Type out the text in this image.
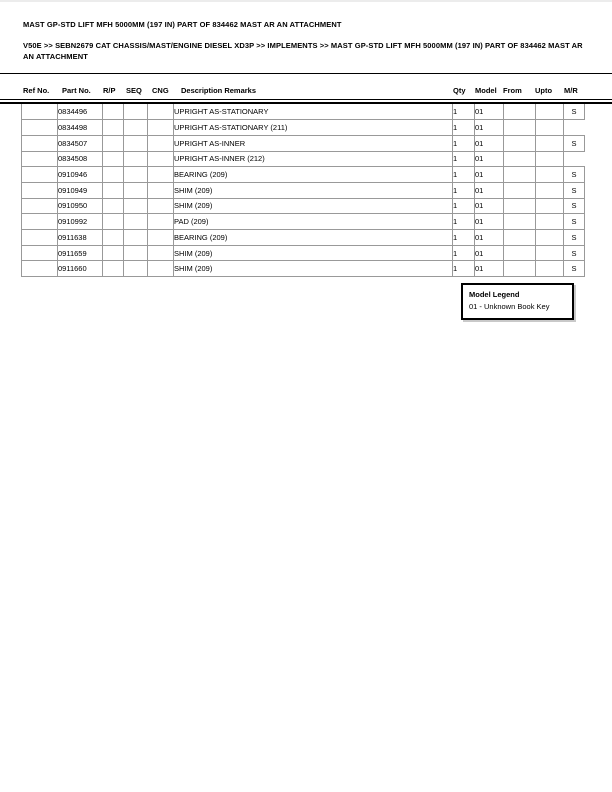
MAST GP-STD LIFT MFH 5000MM (197 IN) PART OF 834462 MAST AR AN ATTACHMENT
V50E >> SEBN2679 CAT CHASSIS/MAST/ENGINE DIESEL XD3P >> IMPLEMENTS >> MAST GP-STD LIFT MFH 5000MM (197 IN) PART OF 834462 MAST AR AN ATTACHMENT
Ref No. Part No. R/P SEQ CNG Description Remarks	Qty Model From Upto M/R
	0834496				UPRIGHT AS-STATIONARY	1	01			S
	0834498				UPRIGHT AS-STATIONARY (211)	1	01			
	0834507				UPRIGHT AS-INNER	1	01			S
	0834508				UPRIGHT AS-INNER (212)	1	01			
	0910946				BEARING (209)	1	01			S
	0910949				SHIM (209)	1	01			S
	0910950				SHIM (209)	1	01			S
	0910992				PAD (209)	1	01			S
	0911638				BEARING (209)	1	01			S
	0911659				SHIM (209)	1	01			S
	0911660				SHIM (209)	1	01			S
Model Legend
01 - Unknown Book Key
